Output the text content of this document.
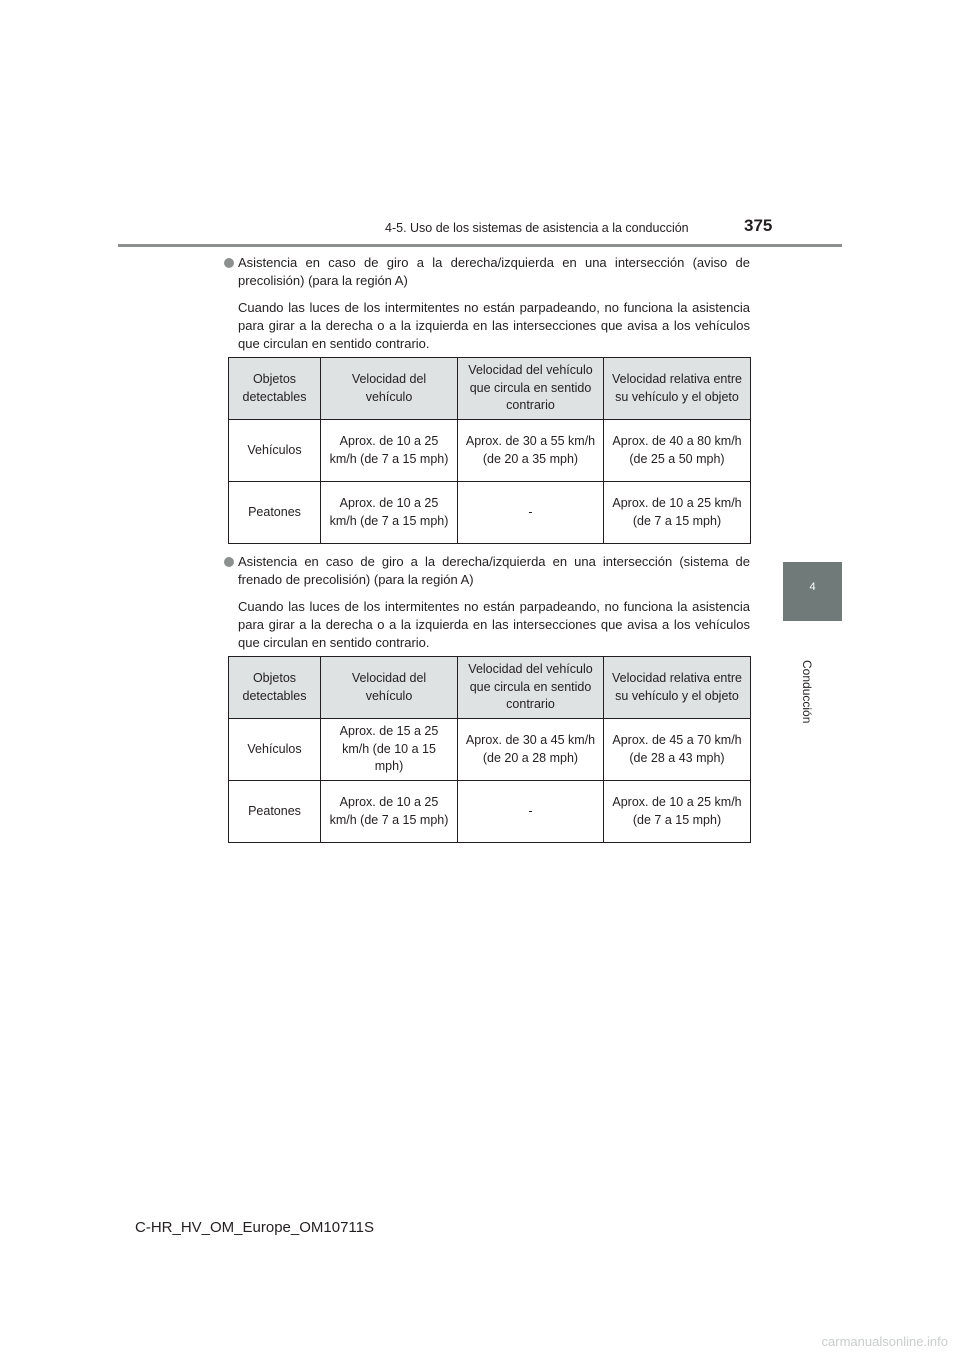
4-5. Uso de los sistemas de asistencia a la conducción	375
4
Conducción
Asistencia en caso de giro a la derecha/izquierda en una intersección (aviso de precolisión) (para la región A)
Cuando las luces de los intermitentes no están parpadeando, no funciona la asistencia para girar a la derecha o a la izquierda en las intersecciones que avisa a los vehículos que circulan en sentido contrario.
Objetos detectables	Velocidad del vehículo	Velocidad del vehículo que circula en sentido contrario	Velocidad relativa entre su vehículo y el objeto
Vehículos	Aprox. de 10 a 25 km/h (de 7 a 15 mph)	Aprox. de 30 a 55 km/h (de 20 a 35 mph)	Aprox. de 40 a 80 km/h (de 25 a 50 mph)
Peatones	Aprox. de 10 a 25 km/h (de 7 a 15 mph)	-	Aprox. de 10 a 25 km/h (de 7 a 15 mph)
Asistencia en caso de giro a la derecha/izquierda en una intersección (sistema de frenado de precolisión) (para la región A)
Cuando las luces de los intermitentes no están parpadeando, no funciona la asistencia para girar a la derecha o a la izquierda en las intersecciones que avisa a los vehículos que circulan en sentido contrario.
Objetos detectables	Velocidad del vehículo	Velocidad del vehículo que circula en sentido contrario	Velocidad relativa entre su vehículo y el objeto
Vehículos	Aprox. de 15 a 25 km/h (de 10 a 15 mph)	Aprox. de 30 a 45 km/h (de 20 a 28 mph)	Aprox. de 45 a 70 km/h (de 28 a 43 mph)
Peatones	Aprox. de 10 a 25 km/h (de 7 a 15 mph)	-	Aprox. de 10 a 25 km/h (de 7 a 15 mph)
C-HR_HV_OM_Europe_OM10711S
carmanualsonline.info
